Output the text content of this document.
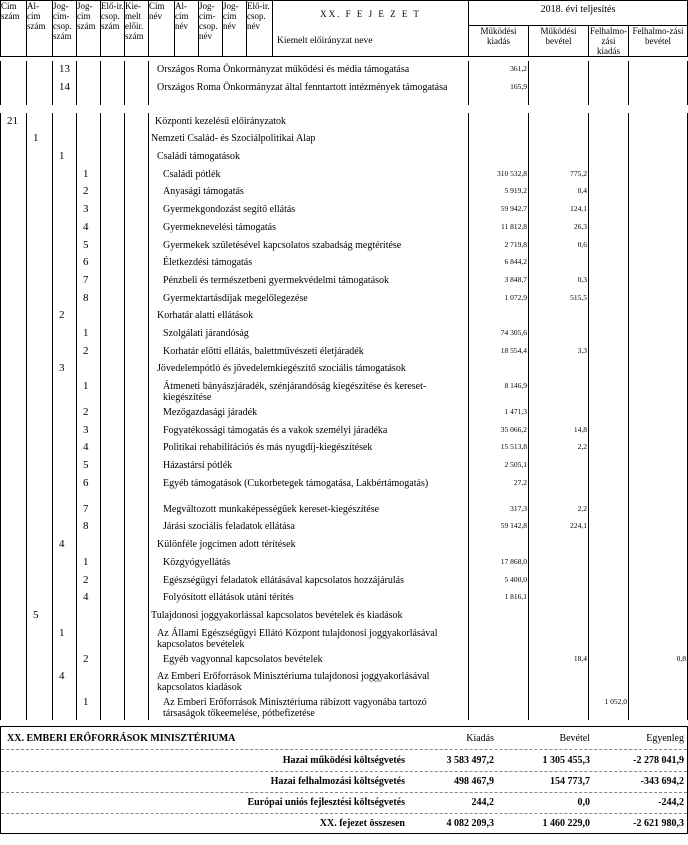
Cím szám	Al-cím szám	Jog-cím-csop. szám	Jog-cím szám	Elő-ir. csop. szám	Kie-melt előir. szám	Cím név	Al-cím név	Jog-cím-csop. név	Jog-cím név	Elő-ir. csop. név	XX. F E J E Z E T	2018. évi teljesítés			
											Kiemelt előirányzat neve	Működési kiadás	Működési bevétel	Felhalmo-zási kiadás	Felhalmo-zási bevétel

		13				Országos Roma Önkormányzat működési és média támogatása						361,2			
		14				Országos Roma Önkormányzat által fenntartott intézmények támogatása						165,9			

21						Központi kezelésű előirányzatok									
	1					Nemzeti Család- és Szociálpolitikai Alap									
		1				Családi támogatások									
			1			Családi pótlék						310 532,8	775,2		
			2			Anyasági támogatás						5 919,2	0,4		
			3			Gyermekgondozást segítő ellátás						59 942,7	124,1		
			4			Gyermeknevelési támogatás						11 812,8	26,3		
			5			Gyermekek születésével kapcsolatos szabadság megtérítése						2 719,8	0,6		
			6			Életkezdési támogatás						6 844,2			
			7			Pénzbeli és természetbeni gyermekvédelmi támogatások						3 848,7	0,3		
			8			Gyermektartásdíjak megelőlegezése						1 072,9	515,5		
		2				Korhatár alatti ellátások									
			1			Szolgálati járandóság						74 305,6			
			2			Korhatár előtti ellátás, balettművészeti életjáradék						18 554,4	3,3		
		3				Jövedelempótló és jövedelemkiegészítő szociális támogatások									
			1			Átmeneti bányászjáradék, szénjárandóság kiegészítése és kereset-kiegészítése						8 146,9			
			2			Mezőgazdasági járadék						1 471,3			
			3			Fogyatékossági támogatás és a vakok személyi járadéka						35 066,2	14,8		
			4			Politikai rehabilitációs és más nyugdíj-kiegészítések						15 513,8	2,2		
			5			Házastársi pótlék						2 505,1			
			6			Egyéb támogatások (Cukorbetegek támogatása, Lakbértámogatás)						27,2			
			7			Megváltozott munkaképességűek kereset-kiegészítése						317,3	2,2		
			8			Járási szociális feladatok ellátása						59 142,8	224,1		
		4				Különféle jogcímen adott térítések									
			1			Közgyógyellátás						17 868,0			
			2			Egészségügyi feladatok ellátásával kapcsolatos hozzájárulás						5 400,0			
			4			Folyósított ellátások utáni térítés						1 816,1			
	5					Tulajdonosi joggyakorlással kapcsolatos bevételek és kiadások									
		1				Az Állami Egészségügyi Ellátó Központ tulajdonosi joggyakorlásával kapcsolatos bevételek									
			2			Egyéb vagyonnal kapcsolatos bevételek							18,4		0,8
		4				Az Emberi Erőforrások Minisztériuma tulajdonosi joggyakorlásával kapcsolatos kiadások									
			1			Az Emberi Erőforrások Minisztériuma rábízott vagyonába tartozó társaságok tőkeemelése, pótbefizetése								1 052,0	
XX. EMBERI ERŐFORRÁSOK MINISZTÉRIUMA	Kiadás	Bevétel	Egyenleg
Hazai működési költségvetés	3 583 497,2	1 305 455,3	-2 278 041,9
Hazai felhalmozási költségvetés	498 467,9	154 773,7	-343 694,2
Európai uniós fejlesztési költségvetés	244,2	0,0	-244,2
XX. fejezet összesen	4 082 209,3	1 460 229,0	-2 621 980,3
